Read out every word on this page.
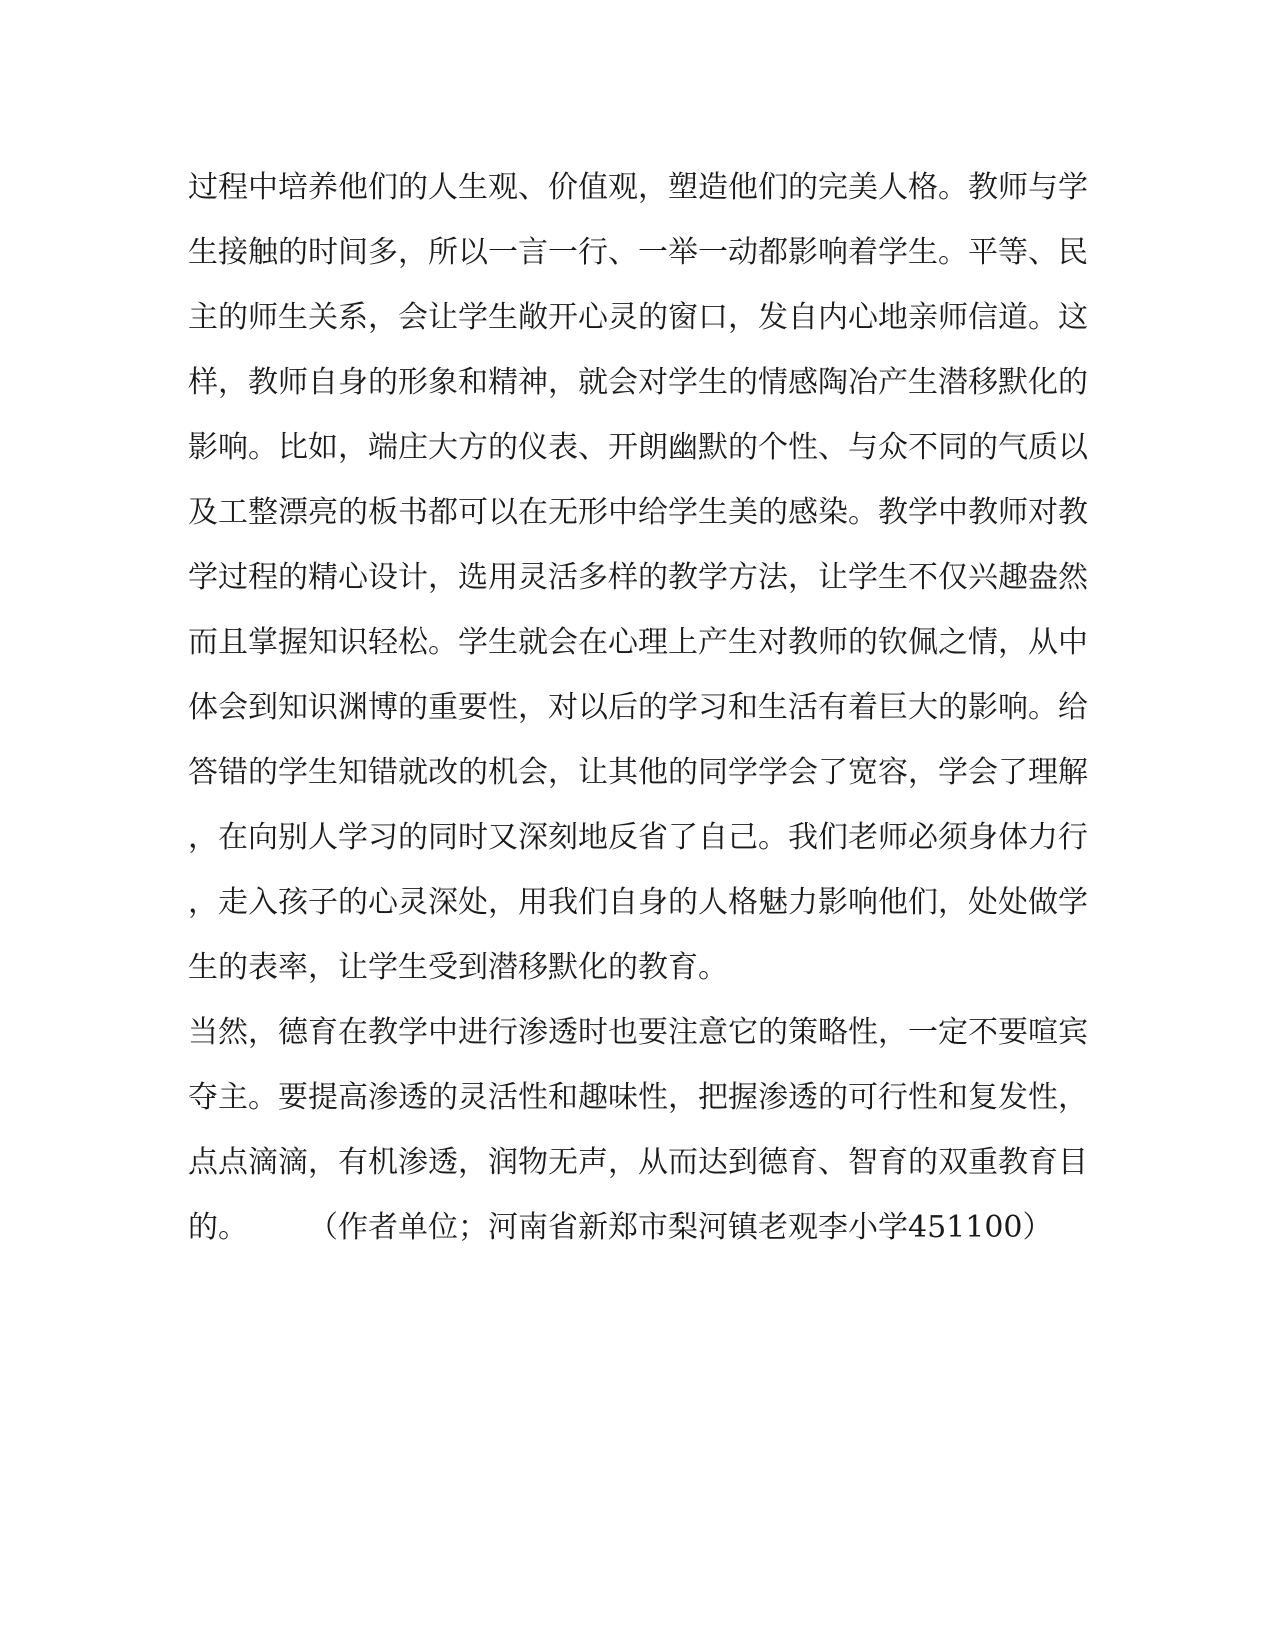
过程中培养他们的人生观、价值观，塑造他们的完美人格。教师与学
生接触的时间多，所以一言一行、一举一动都影响着学生。平等、民
主的师生关系，会让学生敞开心灵的窗口，发自内心地亲师信道。这
样，教师自身的形象和精神，就会对学生的情感陶冶产生潜移默化的
影响。比如，端庄大方的仪表、开朗幽默的个性、与众不同的气质以
及工整漂亮的板书都可以在无形中给学生美的感染。教学中教师对教
学过程的精心设计，选用灵活多样的教学方法，让学生不仅兴趣盎然
而且掌握知识轻松。学生就会在心理上产生对教师的钦佩之情，从中
体会到知识渊博的重要性，对以后的学习和生活有着巨大的影响。给
答错的学生知错就改的机会，让其他的同学学会了宽容，学会了理解
，在向别人学习的同时又深刻地反省了自己。我们老师必须身体力行
，走入孩子的心灵深处，用我们自身的人格魅力影响他们，处处做学
生的表率，让学生受到潜移默化的教育。
当然，德育在教学中进行渗透时也要注意它的策略性，一定不要喧宾
夺主。要提高渗透的灵活性和趣味性，把握渗透的可行性和复发性，
点点滴滴，有机渗透，润物无声，从而达到德育、智育的双重教育目
的。　　　（作者单位；河南省新郑市梨河镇老观李小学451100）
